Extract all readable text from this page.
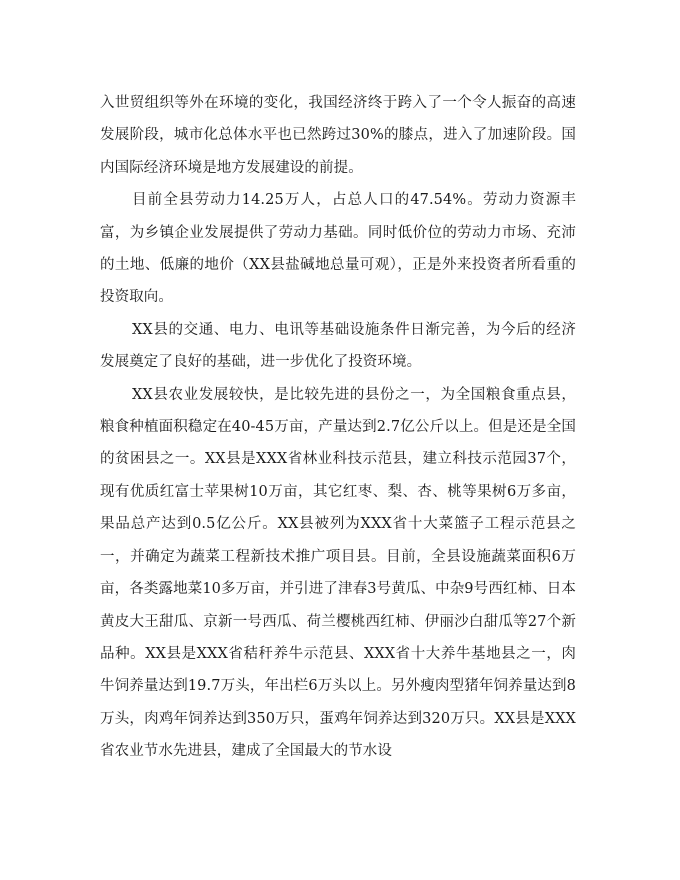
入世贸组织等外在环境的变化，我国经济终于跨入了一个令人振奋的高速发展阶段，城市化总体水平也已然跨过30%的膝点，进入了加速阶段。国内国际经济环境是地方发展建设的前提。

目前全县劳动力14.25万人，占总人口的47.54%。劳动力资源丰富，为乡镇企业发展提供了劳动力基础。同时低价位的劳动力市场、充沛的土地、低廉的地价（XX县盐碱地总量可观），正是外来投资者所看重的投资取向。

XX县的交通、电力、电讯等基础设施条件日渐完善，为今后的经济发展奠定了良好的基础，进一步优化了投资环境。

XX县农业发展较快，是比较先进的县份之一，为全国粮食重点县，粮食种植面积稳定在40-45万亩，产量达到2.7亿公斤以上。但是还是全国的贫困县之一。XX县是XXX省林业科技示范县，建立科技示范园37个，现有优质红富士苹果树10万亩，其它红枣、梨、杏、桃等果树6万多亩，果品总产达到0.5亿公斤。XX县被列为XXX省十大菜篮子工程示范县之一，并确定为蔬菜工程新技术推广项目县。目前，全县设施蔬菜面积6万亩，各类露地菜10多万亩，并引进了津春3号黄瓜、中杂9号西红柿、日本黄皮大王甜瓜、京新一号西瓜、荷兰樱桃西红柿、伊丽沙白甜瓜等27个新品种。XX县是XXX省秸秆养牛示范县、XXX省十大养牛基地县之一，肉牛饲养量达到19.7万头，年出栏6万头以上。另外瘦肉型猪年饲养量达到8万头，肉鸡年饲养达到350万只，蛋鸡年饲养达到320万只。XX县是XXX省农业节水先进县，建成了全国最大的节水设
